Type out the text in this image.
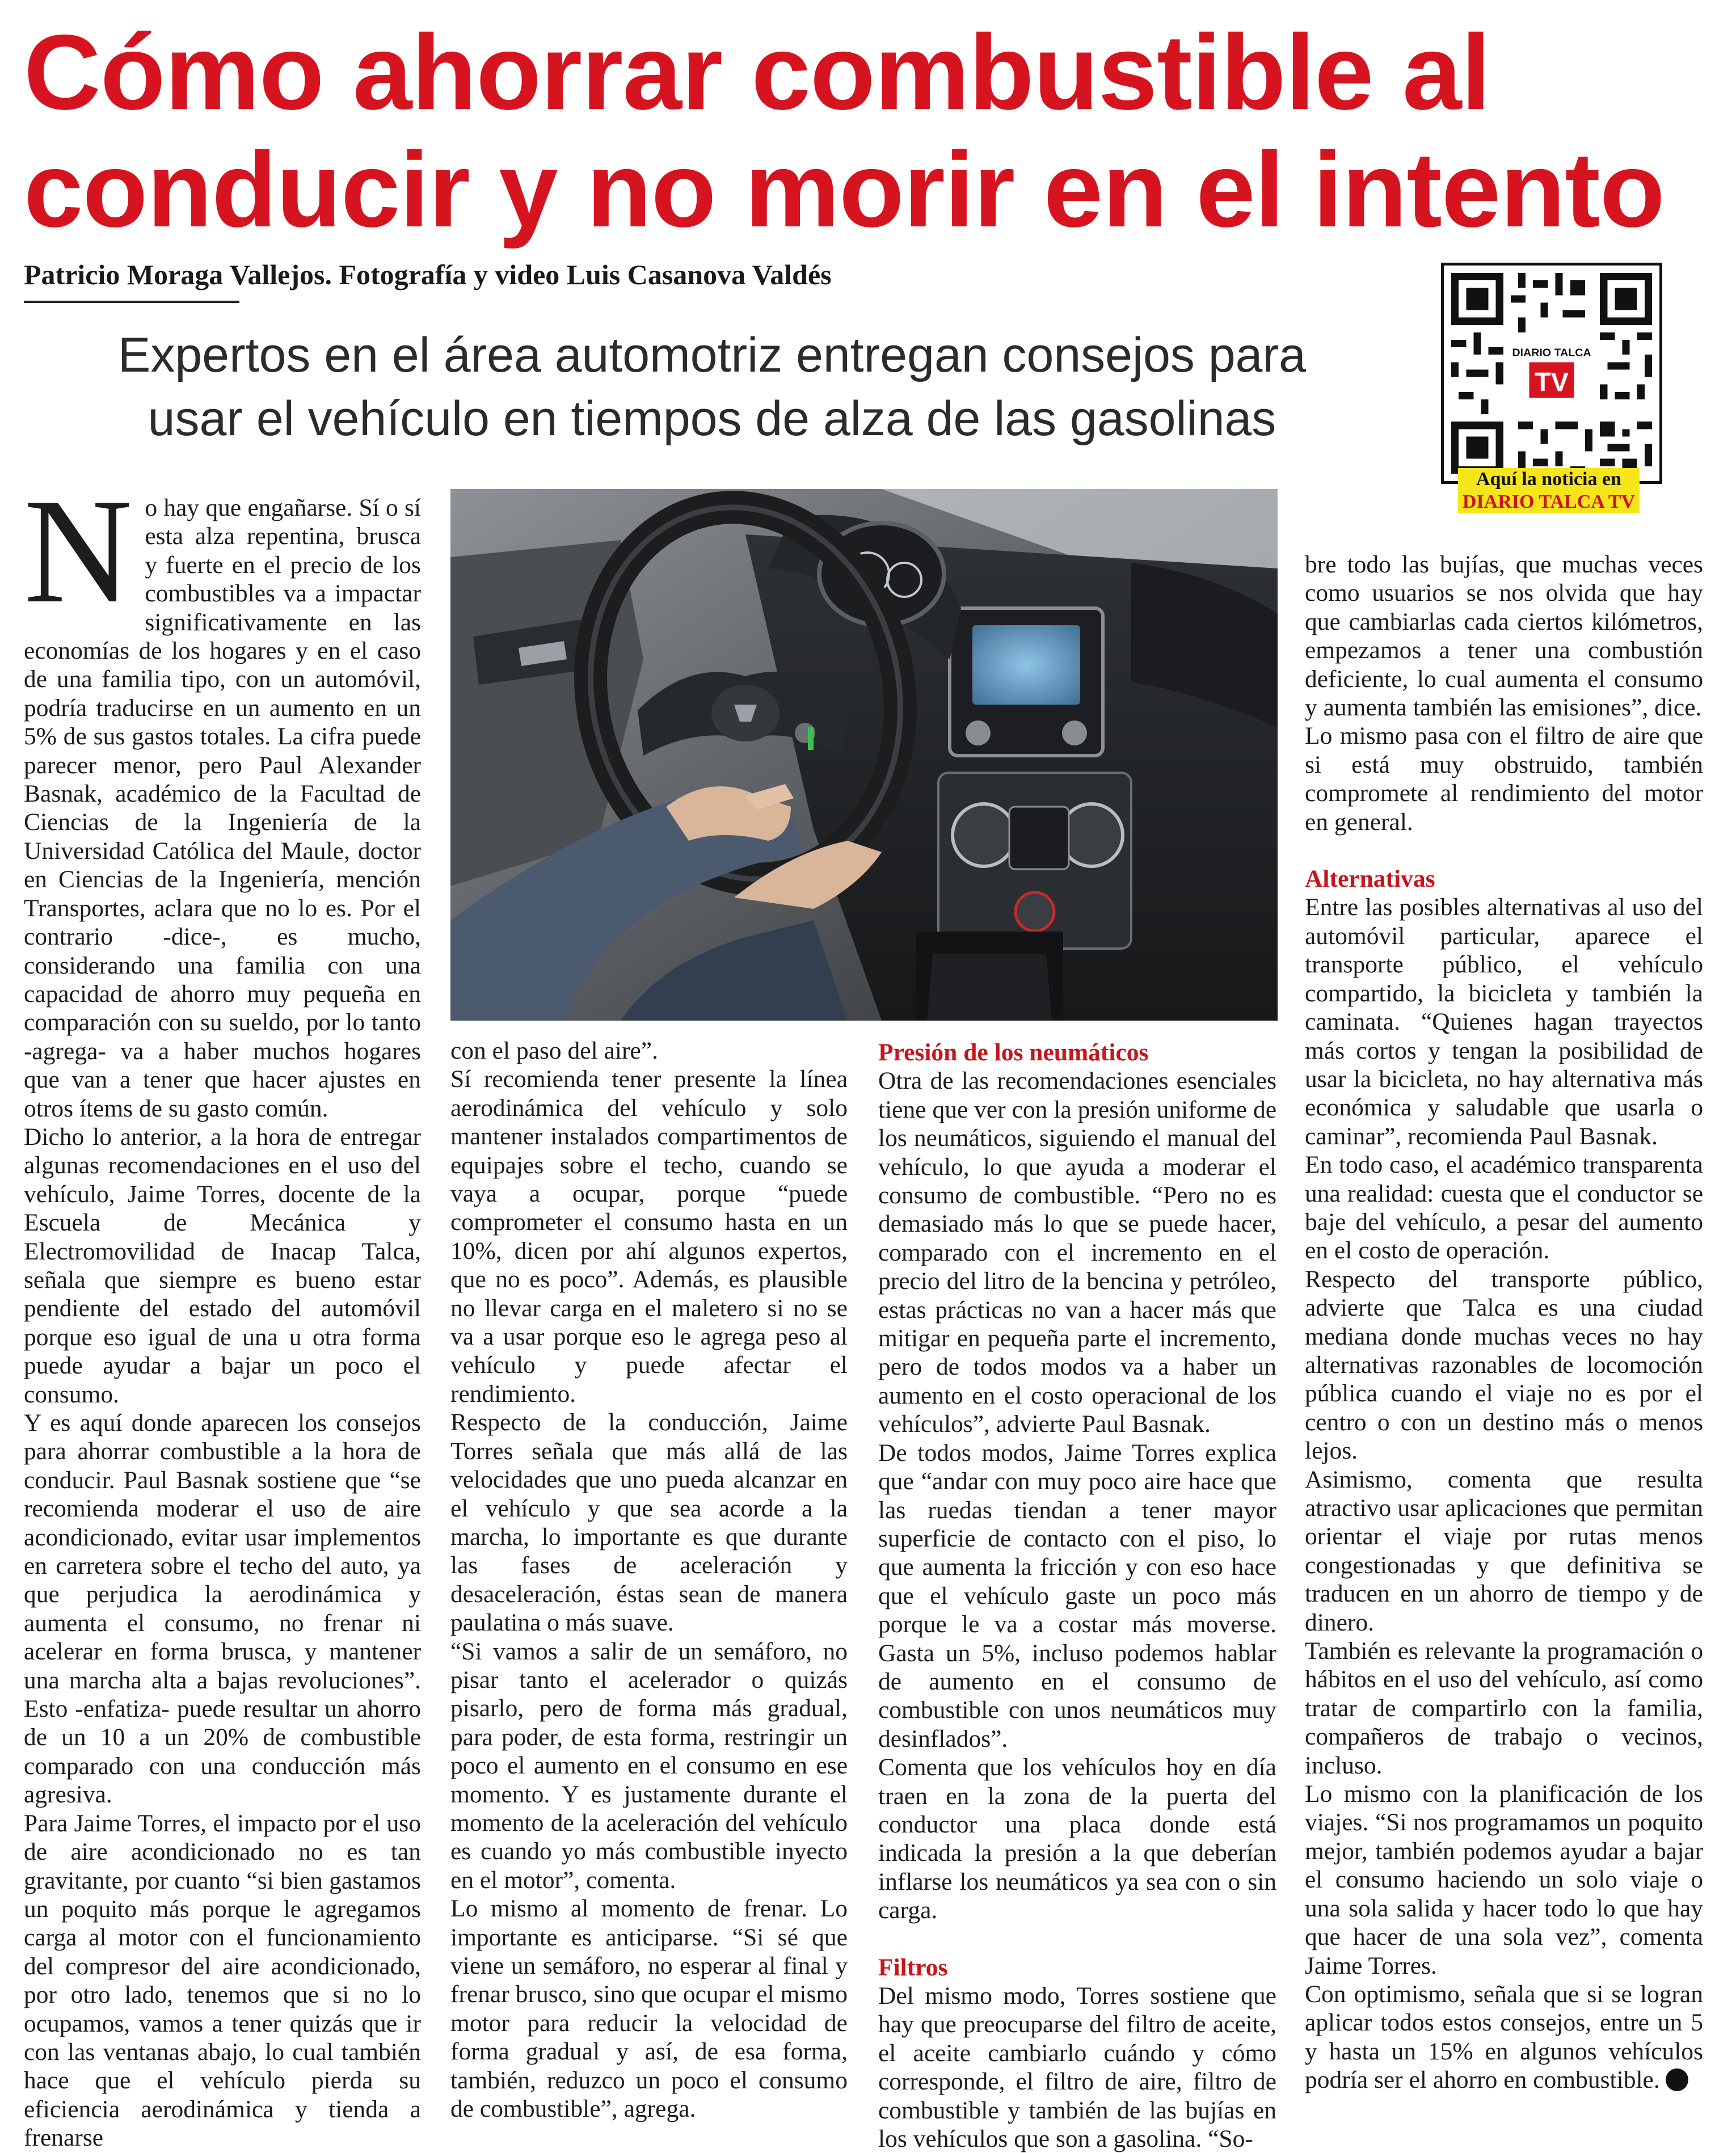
Cómo ahorrar combustible al
conducir y no morir en el intento
Patricio Moraga Vallejos. Fotografía y video Luis Casanova Valdés
Expertos en el área automotriz entregan consejos para
usar el vehículo en tiempos de alza de las gasolinas
DIARIO TALCA
TV
Aquí la noticia en
DIARIO TALCA TV

No hay que engañarse. Sí o sí esta alza repentina, brusca y fuerte en el precio de los combustibles va a impactar significativamente en las economías de los hogares y en el caso de una familia tipo, con un automóvil, podría traducirse en un aumento en un 5% de sus gastos totales. La cifra puede parecer menor, pero Paul Alexander Basnak, académico de la Facultad de Ciencias de la Ingeniería de la Universidad Católica del Maule, doctor en Ciencias de la Ingeniería, mención Transportes, aclara que no lo es. Por el contrario -dice-, es mucho, considerando una familia con una capacidad de ahorro muy pequeña en comparación con su sueldo, por lo tanto -agrega- va a haber muchos hogares que van a tener que hacer ajustes en otros ítems de su gasto común.

Dicho lo anterior, a la hora de entregar algunas recomendaciones en el uso del vehículo, Jaime Torres, docente de la Escuela de Mecánica y Electromovilidad de Inacap Talca, señala que siempre es bueno estar pendiente del estado del automóvil porque eso igual de una u otra forma puede ayudar a bajar un poco el consumo.

Y es aquí donde aparecen los consejos para ahorrar combustible a la hora de conducir. Paul Basnak sostiene que “se recomienda moderar el uso de aire acondicionado, evitar usar implementos en carretera sobre el techo del auto, ya que perjudica la aerodinámica y aumenta el consumo, no frenar ni acelerar en forma brusca, y mantener una marcha alta a bajas revoluciones”. Esto -enfatiza- puede resultar un ahorro de un 10 a un 20% de combustible comparado con una conducción más agresiva.

Para Jaime Torres, el impacto por el uso de aire acondicionado no es tan gravitante, por cuanto “si bien gastamos un poquito más porque le agregamos carga al motor con el funcionamiento del compresor del aire acondicionado, por otro lado, tenemos que si no lo ocupamos, vamos a tener quizás que ir con las ventanas abajo, lo cual también hace que el vehículo pierda su eficiencia aerodinámica y tienda a frenarse

con el paso del aire”.

Sí recomienda tener presente la línea aerodinámica del vehículo y solo mantener instalados compartimentos de equipajes sobre el techo, cuando se vaya a ocupar, porque “puede comprometer el consumo hasta en un 10%, dicen por ahí algunos expertos, que no es poco”. Además, es plausible no llevar carga en el maletero si no se va a usar porque eso le agrega peso al vehículo y puede afectar el rendimiento.

Respecto de la conducción, Jaime Torres señala que más allá de las velocidades que uno pueda alcanzar en el vehículo y que sea acorde a la marcha, lo importante es que durante las fases de aceleración y desaceleración, éstas sean de manera paulatina o más suave.

“Si vamos a salir de un semáforo, no pisar tanto el acelerador o quizás pisarlo, pero de forma más gradual, para poder, de esta forma, restringir un poco el aumento en el consumo en ese momento. Y es justamente durante el momento de la aceleración del vehículo es cuando yo más combustible inyecto en el motor”, comenta.

Lo mismo al momento de frenar. Lo importante es anticiparse. “Si sé que viene un semáforo, no esperar al final y frenar brusco, sino que ocupar el mismo motor para reducir la velocidad de forma gradual y así, de esa forma, también, reduzco un poco el consumo de combustible”, agrega.

Presión de los neumáticos

Otra de las recomendaciones esenciales tiene que ver con la presión uniforme de los neumáticos, siguiendo el manual del vehículo, lo que ayuda a moderar el consumo de combustible. “Pero no es demasiado más lo que se puede hacer, comparado con el incremento en el precio del litro de la bencina y petróleo, estas prácticas no van a hacer más que mitigar en pequeña parte el incremento, pero de todos modos va a haber un aumento en el costo operacional de los vehículos”, advierte Paul Basnak.

De todos modos, Jaime Torres explica que “andar con muy poco aire hace que las ruedas tiendan a tener mayor superficie de contacto con el piso, lo que aumenta la fricción y con eso hace que el vehículo gaste un poco más porque le va a costar más moverse. Gasta un 5%, incluso podemos hablar de aumento en el consumo de combustible con unos neumáticos muy desinflados”.

Comenta que los vehículos hoy en día traen en la zona de la puerta del conductor una placa donde está indicada la presión a la que deberían inflarse los neumáticos ya sea con o sin carga.

Filtros

Del mismo modo, Torres sostiene que hay que preocuparse del filtro de aceite, el aceite cambiarlo cuándo y cómo corresponde, el filtro de aire, filtro de combustible y también de las bujías en los vehículos que son a gasolina. “So-

bre todo las bujías, que muchas veces como usuarios se nos olvida que hay que cambiarlas cada ciertos kilómetros, empezamos a tener una combustión deficiente, lo cual aumenta el consumo y aumenta también las emisiones”, dice.

Lo mismo pasa con el filtro de aire que si está muy obstruido, también compromete al rendimiento del motor en general.

Alternativas

Entre las posibles alternativas al uso del automóvil particular, aparece el transporte público, el vehículo compartido, la bicicleta y también la caminata. “Quienes hagan trayectos más cortos y tengan la posibilidad de usar la bicicleta, no hay alternativa más económica y saludable que usarla o caminar”, recomienda Paul Basnak.

En todo caso, el académico transparenta una realidad: cuesta que el conductor se baje del vehículo, a pesar del aumento en el costo de operación.

Respecto del transporte público, advierte que Talca es una ciudad mediana donde muchas veces no hay alternativas razonables de locomoción pública cuando el viaje no es por el centro o con un destino más o menos lejos.

Asimismo, comenta que resulta atractivo usar aplicaciones que permitan orientar el viaje por rutas menos congestionadas y que definitiva se traducen en un ahorro de tiempo y de dinero.

También es relevante la programación o hábitos en el uso del vehículo, así como tratar de compartirlo con la familia, compañeros de trabajo o vecinos, incluso.

Lo mismo con la planificación de los viajes. “Si nos programamos un poquito mejor, también podemos ayudar a bajar el consumo haciendo un solo viaje o una sola salida y hacer todo lo que hay que hacer de una sola vez”, comenta Jaime Torres.

Con optimismo, señala que si se logran aplicar todos estos consejos, entre un 5 y hasta un 15% en algunos vehículos podría ser el ahorro en combustible.
